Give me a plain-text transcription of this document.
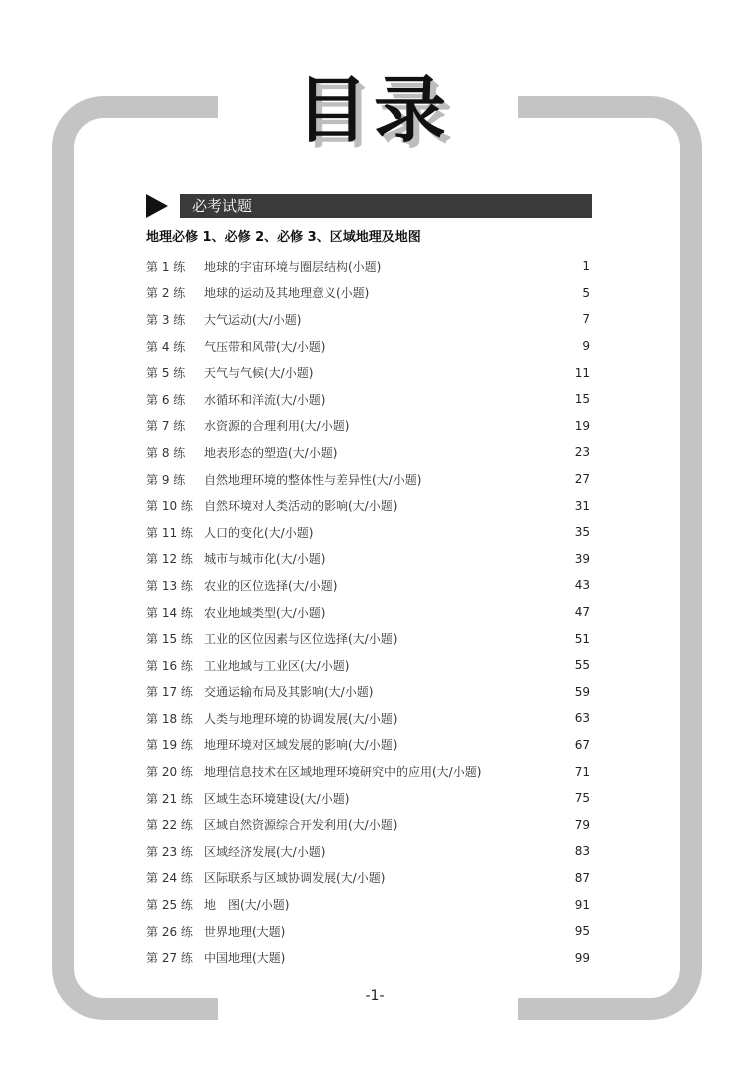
目 录
必考试题
地理必修 1、必修 2、必修 3、区域地理及地图
第 1 练	地球的宇宙环境与圈层结构(小题)	1
第 2 练	地球的运动及其地理意义(小题)	5
第 3 练	大气运动(大/小题)	7
第 4 练	气压带和风带(大/小题)	9
第 5 练	天气与气候(大/小题)	11
第 6 练	水循环和洋流(大/小题)	15
第 7 练	水资源的合理利用(大/小题)	19
第 8 练	地表形态的塑造(大/小题)	23
第 9 练	自然地理环境的整体性与差异性(大/小题)	27
第 10 练 自然环境对人类活动的影响(大/小题)	31
第 11 练 人口的变化(大/小题)	35
第 12 练 城市与城市化(大/小题)	39
第 13 练 农业的区位选择(大/小题)	43
第 14 练 农业地域类型(大/小题)	47
第 15 练 工业的区位因素与区位选择(大/小题)	51
第 16 练 工业地域与工业区(大/小题)	55
第 17 练 交通运输布局及其影响(大/小题)	59
第 18 练 人类与地理环境的协调发展(大/小题)	63
第 19 练 地理环境对区域发展的影响(大/小题)	67
第 20 练 地理信息技术在区域地理环境研究中的应用(大/小题)	71
第 21 练 区域生态环境建设(大/小题)	75
第 22 练 区域自然资源综合开发利用(大/小题)	79
第 23 练 区域经济发展(大/小题)	83
第 24 练 区际联系与区域协调发展(大/小题)	87
第 25 练 地　图(大/小题)	91
第 26 练 世界地理(大题)	95
第 27 练 中国地理(大题)	99
-1-
